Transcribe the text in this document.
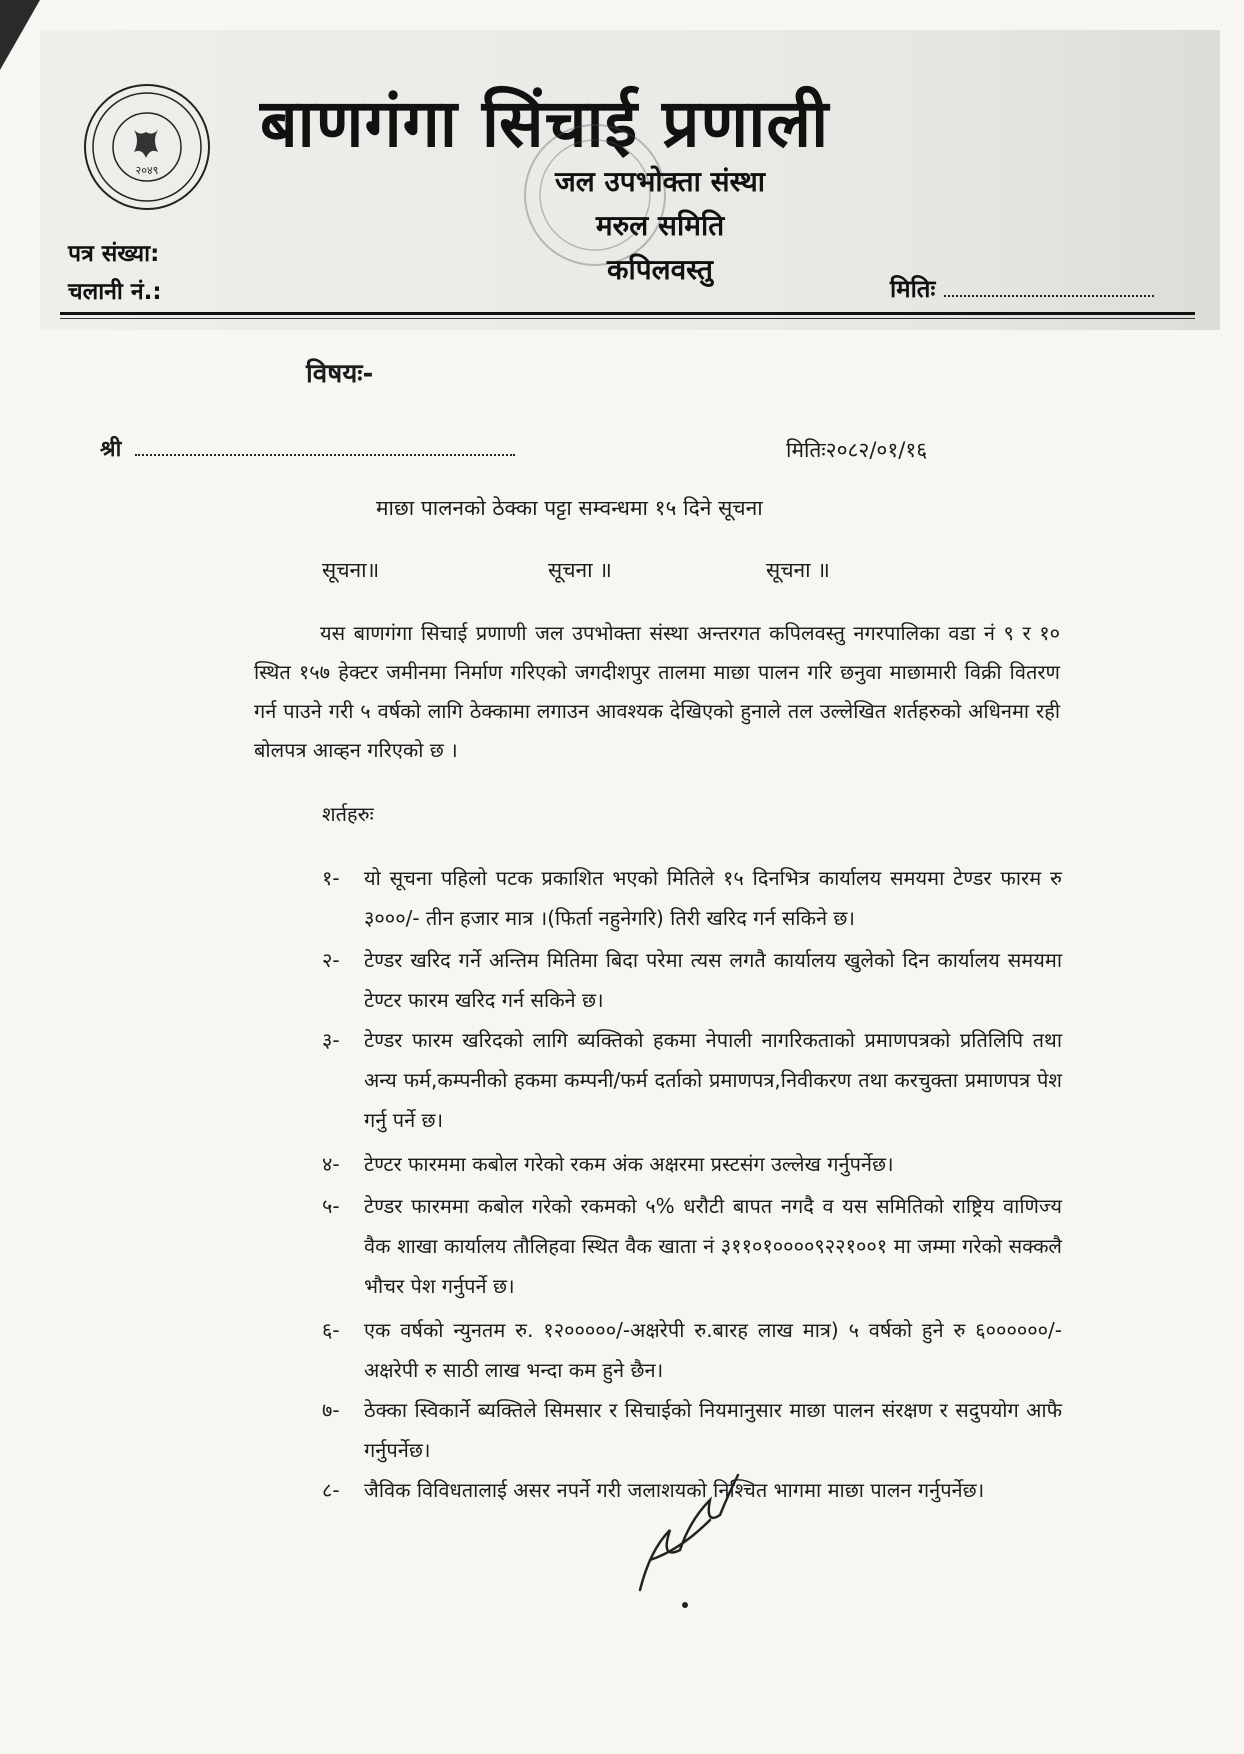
२०४९
बाणगंगा सिंचाई प्रणाली
जल उपभोक्ता संस्था
मरुल समिति
कपिलवस्तु
पत्र संख्या:
चलानी नं.:	मितिः
विषयः-
श्री	मितिः२०८२/०१/१६
माछा पालनको ठेक्का पट्टा सम्वन्धमा १५ दिने सूचना
सूचना॥	सूचना ॥	सूचना ॥
यस बाणगंगा सिचाई प्रणाणी जल उपभोक्ता संस्था अन्तरगत कपिलवस्तु नगरपालिका वडा नं ९ र १० स्थित १५७ हेक्टर जमीनमा निर्माण गरिएको जगदीशपुर तालमा माछा पालन गरि छनुवा माछामारी विक्री वितरण गर्न पाउने गरी ५ वर्षको लागि ठेक्कामा लगाउन आवश्यक देखिएको हुनाले तल उल्लेखित शर्तहरुको अधिनमा रही बोलपत्र आव्हन गरिएको छ ।
शर्तहरुः
१-	यो सूचना पहिलो पटक प्रकाशित भएको मितिले १५ दिनभित्र कार्यालय समयमा टेण्डर फारम रु ३०००/- तीन हजार मात्र ।(फिर्ता नहुनेगरि) तिरी खरिद गर्न सकिने छ।
२-	टेण्डर खरिद गर्ने अन्तिम मितिमा बिदा परेमा त्यस लगतै कार्यालय खुलेको दिन कार्यालय समयमा टेण्टर फारम खरिद गर्न सकिने छ।
३-	टेण्डर फारम खरिदको लागि ब्यक्तिको हकमा नेपाली नागरिकताको प्रमाणपत्रको प्रतिलिपि तथा अन्य फर्म,कम्पनीको हकमा कम्पनी/फर्म दर्ताको प्रमाणपत्र,निवीकरण तथा करचुक्ता प्रमाणपत्र पेश गर्नु पर्ने छ।
४-	टेण्टर फारममा कबोल गरेको रकम अंक अक्षरमा प्रस्टसंग उल्लेख गर्नुपर्नेछ।
५-	टेण्डर फारममा कबोल गरेको रकमको ५% धरौटी बापत नगदै व यस समितिको राष्ट्रिय वाणिज्य वैक शाखा कार्यालय तौलिहवा स्थित वैक खाता नं ३११०१००००९२२१००१ मा जम्मा गरेको सक्कलै भौचर पेश गर्नुपर्ने छ।
६-	एक वर्षको न्युनतम रु. १२०००००/-अक्षरेपी रु.बारह लाख मात्र) ५ वर्षको हुने रु ६००००००/-अक्षरेपी रु साठी लाख भन्दा कम हुने छैन।
७-	ठेक्का स्विकार्ने ब्यक्तिले सिमसार र सिचाईको नियमानुसार माछा पालन संरक्षण र सदुपयोग आफै गर्नुपर्नेछ।
८-	जैविक विविधतालाई असर नपर्ने गरी जलाशयको निश्चित भागमा माछा पालन गर्नुपर्नेछ।
